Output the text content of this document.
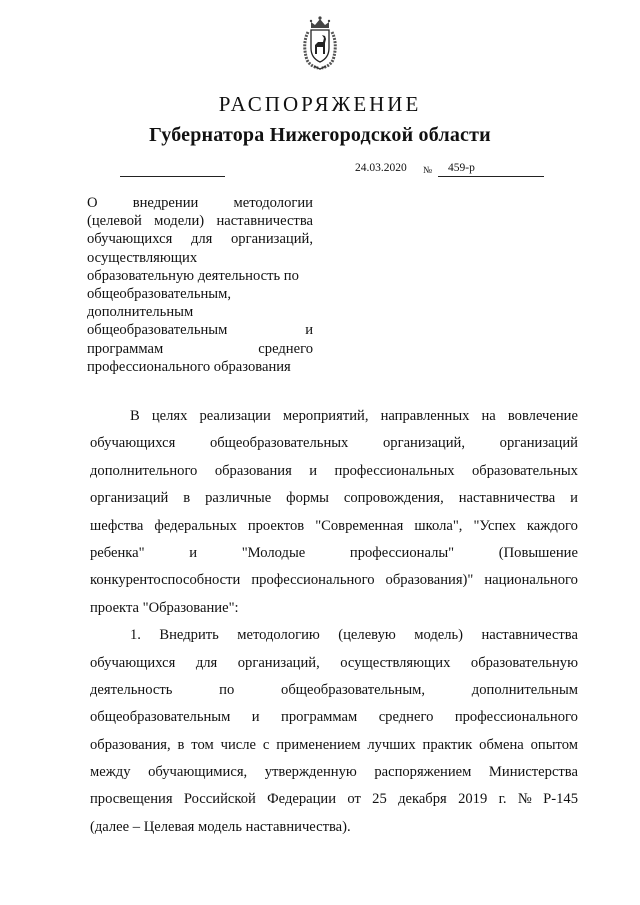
РАСПОРЯЖЕНИЕ
Губернатора Нижегородской области
24.03.2020 № 459-р
О внедрении методологии
(целевой модели) наставничества
обучающихся для организаций,
осуществляющих
образовательную деятельность по
общеобразовательным,
дополнительным
общеобразовательным	и
программам	среднего
профессионального образования
В целях реализации мероприятий, направленных на вовлечение
обучающихся общеобразовательных организаций, организаций
дополнительного образования и профессиональных образовательных
организаций в различные формы сопровождения, наставничества и
шефства федеральных проектов "Современная школа", "Успех каждого
ребенка"	и	"Молодые	профессионалы"	(Повышение
конкурентоспособности профессионального образования)" национального
проекта "Образование":
1. Внедрить методологию (целевую модель) наставничества
обучающихся для организаций, осуществляющих образовательную
деятельность	по	общеобразовательным,	дополнительным
общеобразовательным и программам среднего профессионального
образования, в том числе с применением лучших практик обмена опытом
между обучающимися, утвержденную распоряжением Министерства
просвещения Российской Федерации от 25 декабря 2019 г. № Р-145
(далее – Целевая модель наставничества).
